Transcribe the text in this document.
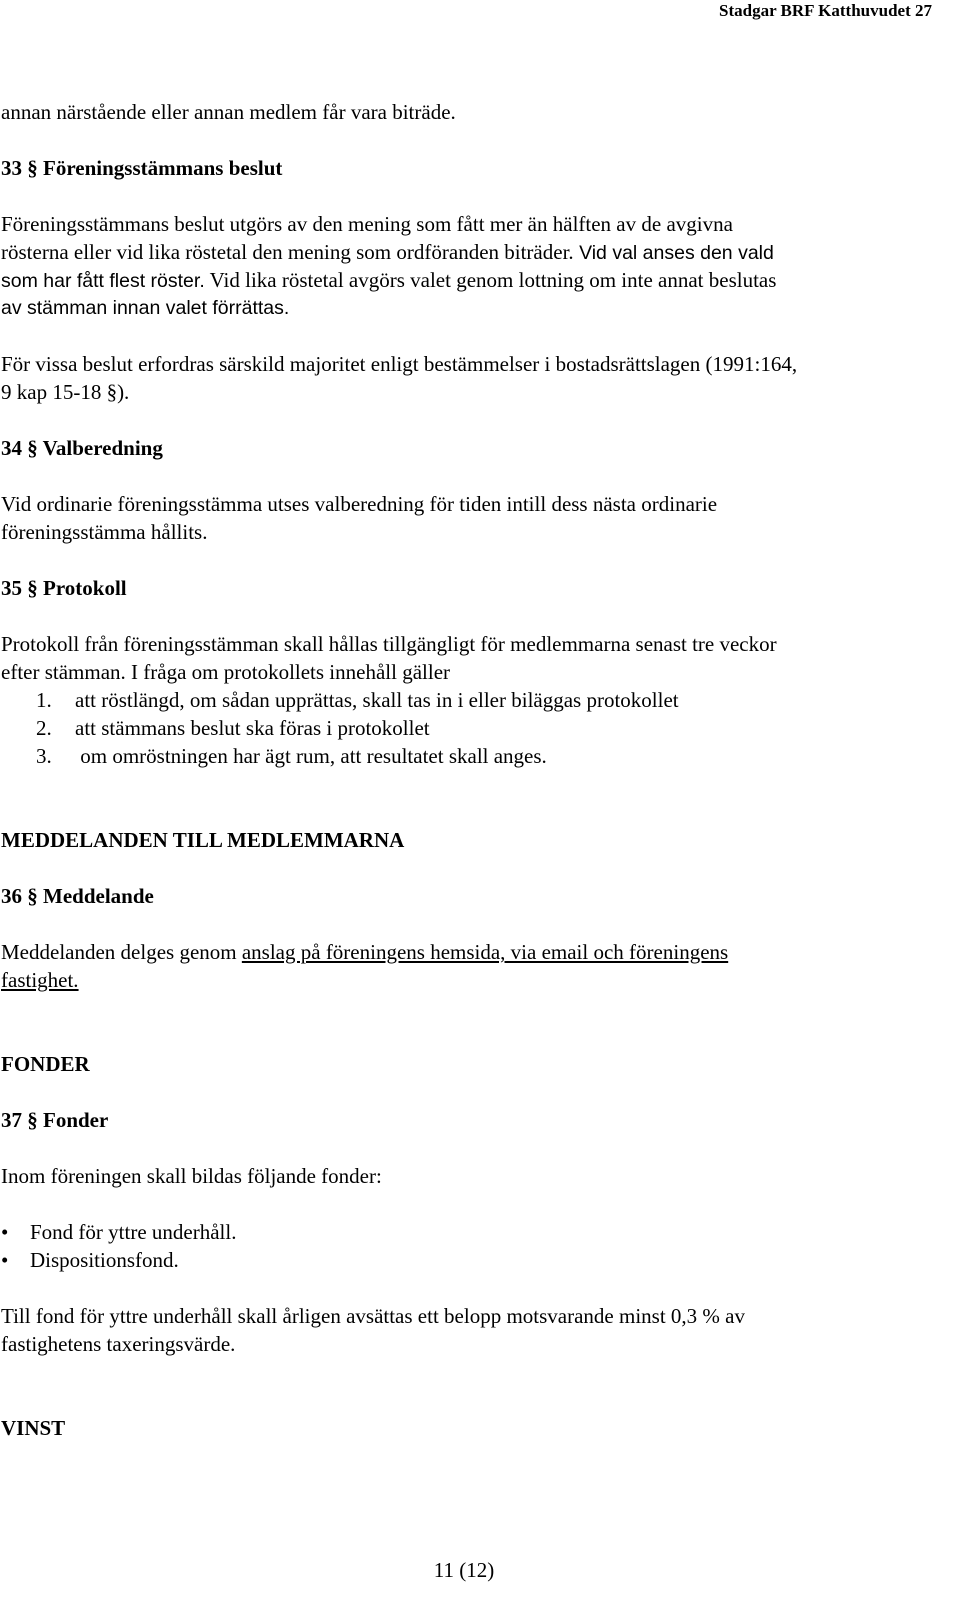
Stadgar BRF Katthuvudet 27
annan närstående eller annan medlem får vara biträde.
33 § Föreningsstämmans beslut
Föreningsstämmans beslut utgörs av den mening som fått mer än hälften av de avgivna
rösterna eller vid lika röstetal den mening som ordföranden biträder. Vid val anses den vald
som har fått flest röster. Vid lika röstetal avgörs valet genom lottning om inte annat beslutas
av stämman innan valet förrättas.
För vissa beslut erfordras särskild majoritet enligt bestämmelser i bostadsrättslagen (1991:164,
9 kap 15-18 §).
34 § Valberedning
Vid ordinarie föreningsstämma utses valberedning för tiden intill dess nästa ordinarie
föreningsstämma hållits.
35 § Protokoll
Protokoll från föreningsstämman skall hållas tillgängligt för medlemmarna senast tre veckor
efter stämman. I fråga om protokollets innehåll gäller
1. att röstlängd, om sådan upprättas, skall tas in i eller biläggas protokollet
2. att stämmans beslut ska föras i protokollet
3. om omröstningen har ägt rum, att resultatet skall anges.
MEDDELANDEN TILL MEDLEMMARNA
36 § Meddelande
Meddelanden delges genom anslag på föreningens hemsida, via email och föreningens
fastighet.
FONDER
37 § Fonder
Inom föreningen skall bildas följande fonder:
• Fond för yttre underhåll.
• Dispositionsfond.
Till fond för yttre underhåll skall årligen avsättas ett belopp motsvarande minst 0,3 % av
fastighetens taxeringsvärde.
VINST
11 (12)
